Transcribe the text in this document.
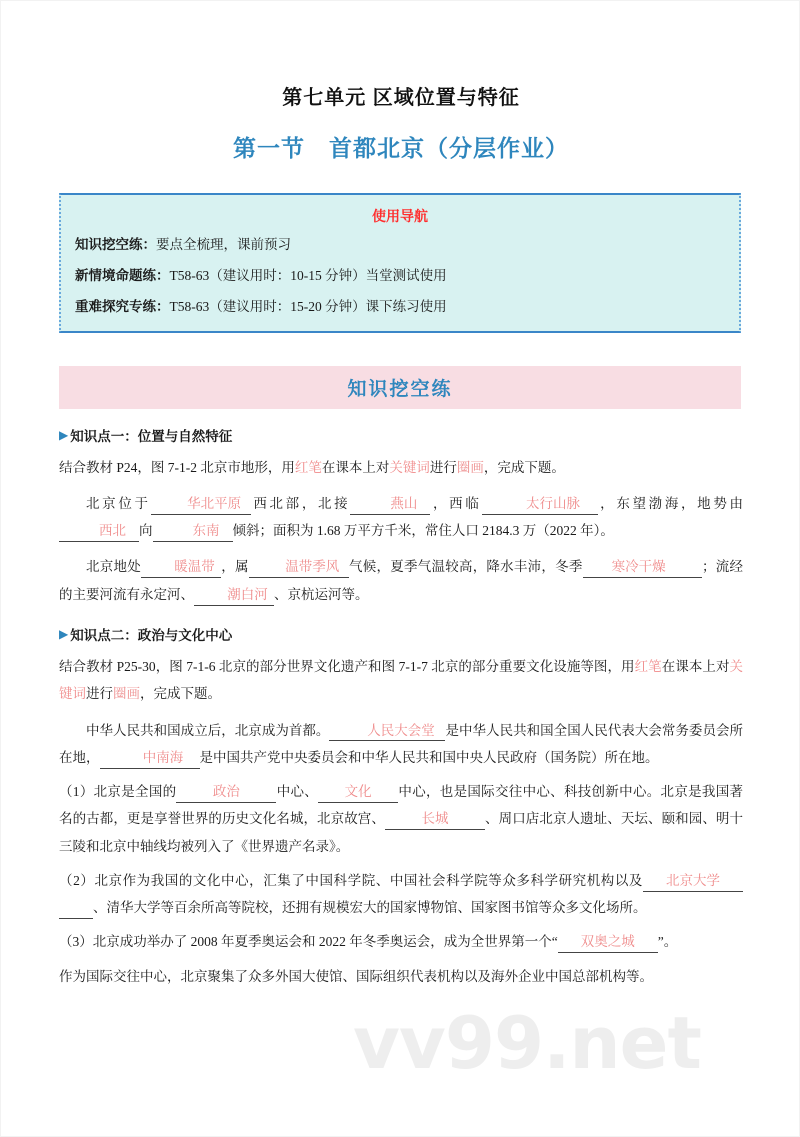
第七单元 区域位置与特征
第一节　首都北京（分层作业）
使用导航
知识挖空练：要点全梳理，课前预习
新情境命题练：T58-63（建议用时：10-15 分钟）当堂测试使用
重难探究专练：T58-63（建议用时：15-20 分钟）课下练习使用
知识挖空练
▶ 知识点一：位置与自然特征

结合教材 P24，图 7-1-2 北京市地形，用红笔在课本上对关键词进行圈画，完成下题。

北京位于	华北平原 西北部，北接	燕山 ，西临	太行山脉 ，东望渤海，地势由西北 向	东南 倾斜；面积为 1.68 万平方千米，常住人口 2184.3 万（2022 年）。

北京地处 暖温带 ，属	温带季风 气候，夏季气温较高，降水丰沛，冬季 寒冷干燥	；流经的主要河流有永定河、 潮白河 、京杭运河等。

▶ 知识点二：政治与文化中心

结合教材 P25-30，图 7-1-6 北京的部分世界文化遗产和图 7-1-7 北京的部分重要文化设施等图，用红笔在课本上对关键词进行圈画，完成下题。

中华人民共和国成立后，北京成为首都。	人民大会堂 是中华人民共和国全国人民代表大会常务委员会所在地，	中南海 是中国共产党中央委员会和中华人民共和国中央人民政府（国务院）所在地。

（1）北京是全国的	政治	中心、 文化 中心，也是国际交往中心、科技创新中心。北京是我国著名的古都，更是享誉世界的历史文化名城，北京故宫、	长城	、周口店北京人遗址、天坛、颐和园、明十三陵和北京中轴线均被列入了《世界遗产名录》。

（2）北京作为我国的文化中心，汇集了中国科学院、中国社会科学院等众多科学研究机构以及 北京大学 、清华大学等百余所高等院校，还拥有规模宏大的国家博物馆、国家图书馆等众多文化场所。

（3）北京成功举办了 2008 年夏季奥运会和 2022 年冬季奥运会，成为全世界第一个“ 双奥之城 ”。

作为国际交往中心，北京聚集了众多外国大使馆、国际组织代表机构以及海外企业中国总部机构等。

vv99.net
